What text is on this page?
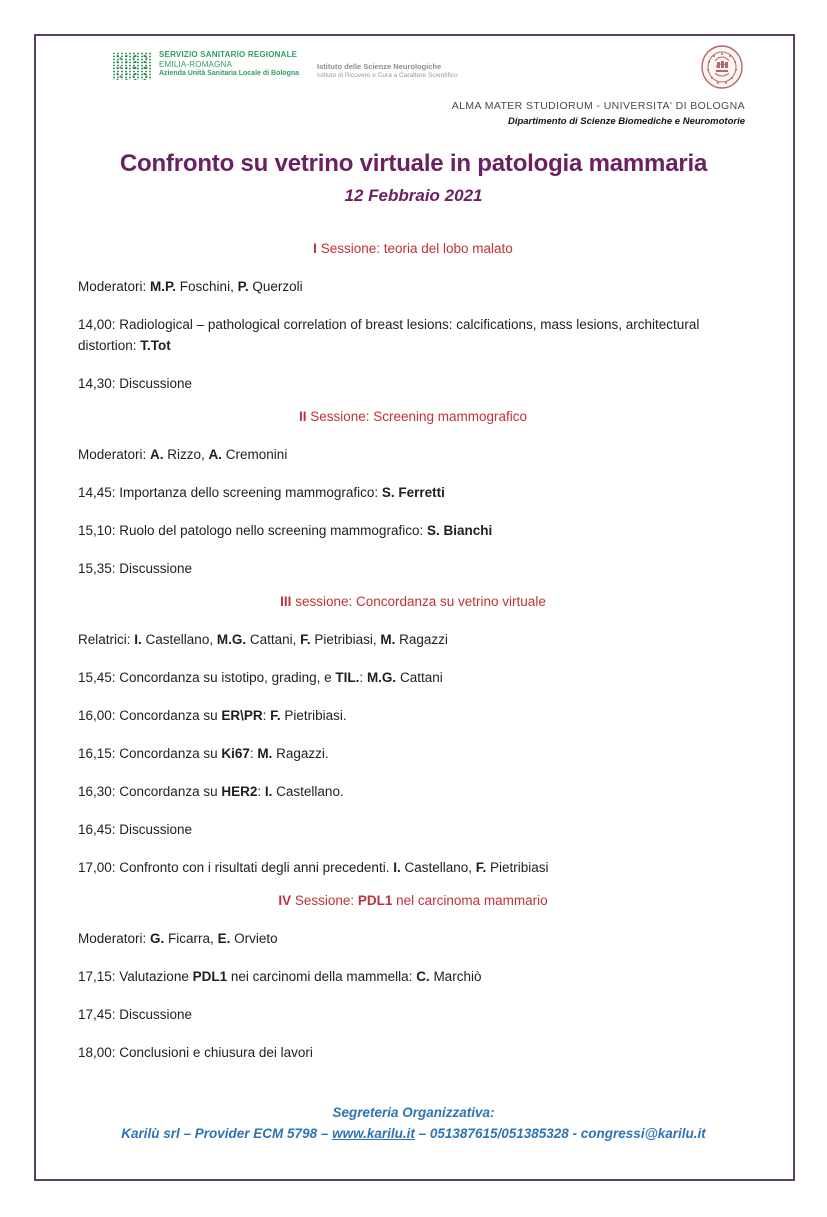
SERVIZIO SANITARIO REGIONALE
EMILIA-ROMAGNA
Azienda Unità Sanitaria Locale di Bologna
Istituto delle Scienze Neurologiche
Istituto di Ricovero e Cura a Carattere Scientifico
ALMA MATER STUDIORUM - UNIVERSITA' DI BOLOGNA
Dipartimento di Scienze Biomediche e Neuromotorie
Confronto su vetrino virtuale in patologia mammaria
12 Febbraio 2021
I Sessione: teoria del lobo malato

Moderatori: M.P. Foschini, P. Querzoli

14,00: Radiological – pathological correlation of breast lesions: calcifications, mass lesions, architectural distortion: T.Tot

14,30: Discussione

II Sessione: Screening mammografico

Moderatori: A. Rizzo, A. Cremonini

14,45: Importanza dello screening mammografico: S. Ferretti

15,10: Ruolo del patologo nello screening mammografico: S. Bianchi

15,35: Discussione

III sessione: Concordanza su vetrino virtuale

Relatrici: I. Castellano, M.G. Cattani, F. Pietribiasi, M. Ragazzi

15,45: Concordanza su istotipo, grading, e TIL.: M.G. Cattani

16,00: Concordanza su ER\PR: F. Pietribiasi.

16,15: Concordanza su Ki67: M. Ragazzi.

16,30: Concordanza su HER2: I. Castellano.

16,45: Discussione

17,00: Confronto con i risultati degli anni precedenti. I. Castellano, F. Pietribiasi

IV Sessione: PDL1 nel carcinoma mammario

Moderatori: G. Ficarra, E. Orvieto

17,15: Valutazione PDL1 nei carcinomi della mammella: C. Marchiò

17,45: Discussione

18,00: Conclusioni e chiusura dei lavori

Segreteria Organizzativa:
Karilù srl – Provider ECM 5798 – www.karilu.it – 051387615/051385328 - congressi@karilu.it
